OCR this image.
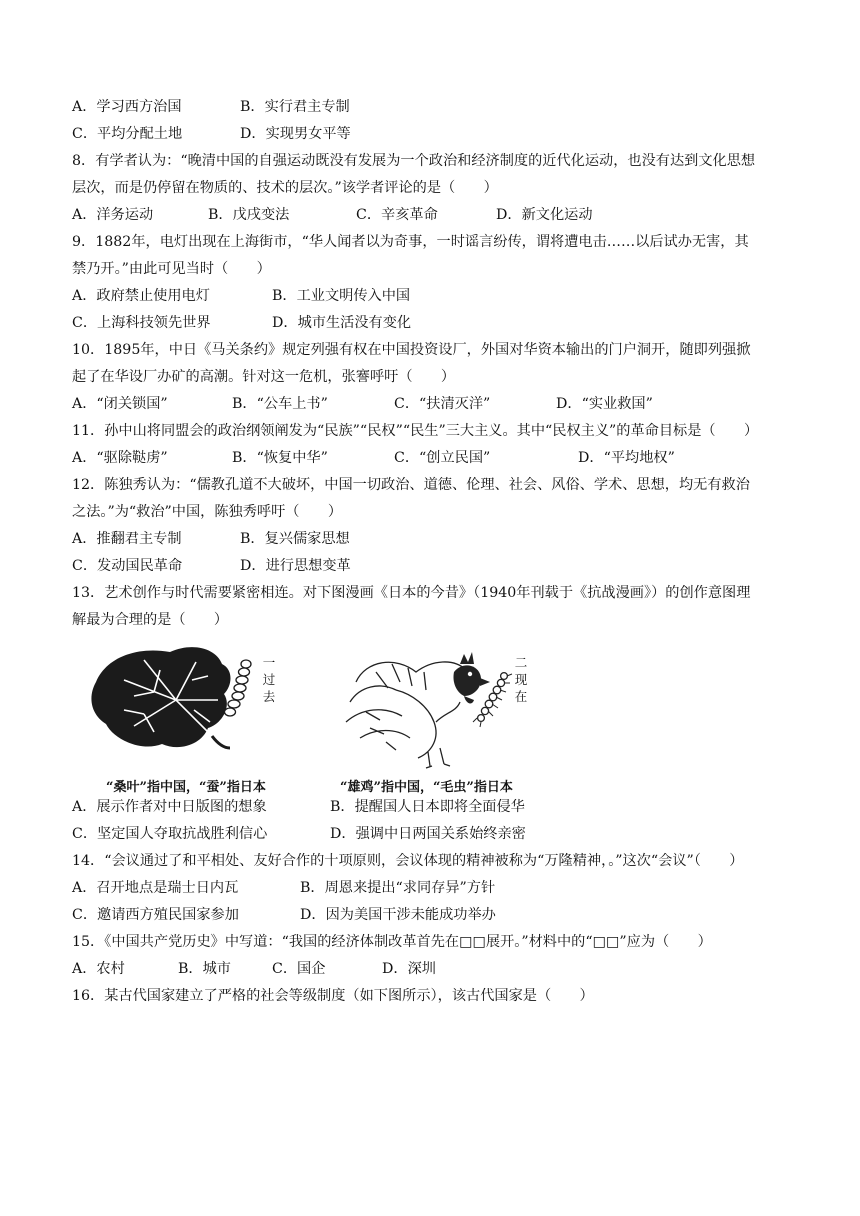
A．学习西方治国	B．实行君主专制
C．平均分配土地	D．实现男女平等
8．有学者认为：“晚清中国的自强运动既没有发展为一个政治和经济制度的近代化运动，也没有达到文化思想
层次，而是仍停留在物质的、技术的层次。”该学者评论的是（　　）
A．洋务运动	B．戊戌变法	C．辛亥革命	D．新文化运动
9．1882年，电灯出现在上海街市，“华人闻者以为奇事，一时谣言纷传，谓将遭电击……以后试办无害，其
禁乃开。”由此可见当时（　　）
A．政府禁止使用电灯	B．工业文明传入中国
C．上海科技领先世界	D．城市生活没有变化
10．1895年，中日《马关条约》规定列强有权在中国投资设厂，外国对华资本输出的门户洞开，随即列强掀
起了在华设厂办矿的高潮。针对这一危机，张謇呼吁（　　）
A．“闭关锁国”	B．“公车上书”	C．“扶清灭洋”	D．“实业救国”
11．孙中山将同盟会的政治纲领阐发为“民族”“民权”“民生”三大主义。其中“民权主义”的革命目标是（　　）
A．“驱除鞑虏”	B．“恢复中华”	C．“创立民国”	D．“平均地权”
12．陈独秀认为：“儒教孔道不大破坏，中国一切政治、道德、伦理、社会、风俗、学术、思想，均无有救治
之法。”为“救治”中国，陈独秀呼吁（　　）
A．推翻君主专制	B．复兴儒家思想
C．发动国民革命	D．进行思想变革
13．艺术创作与时代需要紧密相连。对下图漫画《日本的今昔》（1940年刊载于《抗战漫画》）的创作意图理
解最为合理的是（　　）
一过去
“桑叶”指中国，“蚕”指日本
二现在
“雄鸡”指中国，“毛虫”指日本
A．展示作者对中日版图的想象	B．提醒国人日本即将全面侵华
C．坚定国人夺取抗战胜利信心	D．强调中日两国关系始终亲密
14．“会议通过了和平相处、友好合作的十项原则，会议体现的精神被称为“万隆精神，。”这次“会议”（　　）
A．召开地点是瑞士日内瓦	B．周恩来提出“求同存异”方针
C．邀请西方殖民国家参加	D．因为美国干涉未能成功举办
15．《中国共产党历史》中写道：“我国的经济体制改革首先在□□展开。”材料中的“□□”应为（　　）
A．农村	B．城市	C．国企	D．深圳
16．某古代国家建立了严格的社会等级制度（如下图所示），该古代国家是（　　）
